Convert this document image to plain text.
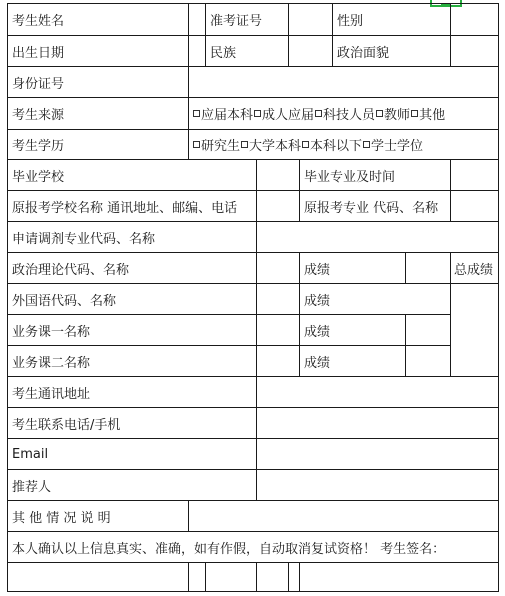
考生姓名	准考证号	性别
出生日期	民族	政治面貌
身份证号
考生来源	应届本科 成人应届 科技人员 教师 其他
考生学历	研究生 大学本科 本科以下 学士学位
毕业学校	毕业专业及时间
原报考学校名称 通讯地址、邮编、电话	原报考专业 代码、名称
申请调剂专业代码、名称
政治理论代码、名称	成绩	总成绩
外国语代码、名称	成绩
业务课一名称	成绩
业务课二名称	成绩
考生通讯地址
考生联系电话/手机
Email
推荐人
其 他 情 况 说 明
本人确认以上信息真实、准确，如有作假，自动取消复试资格！ 考生签名：
